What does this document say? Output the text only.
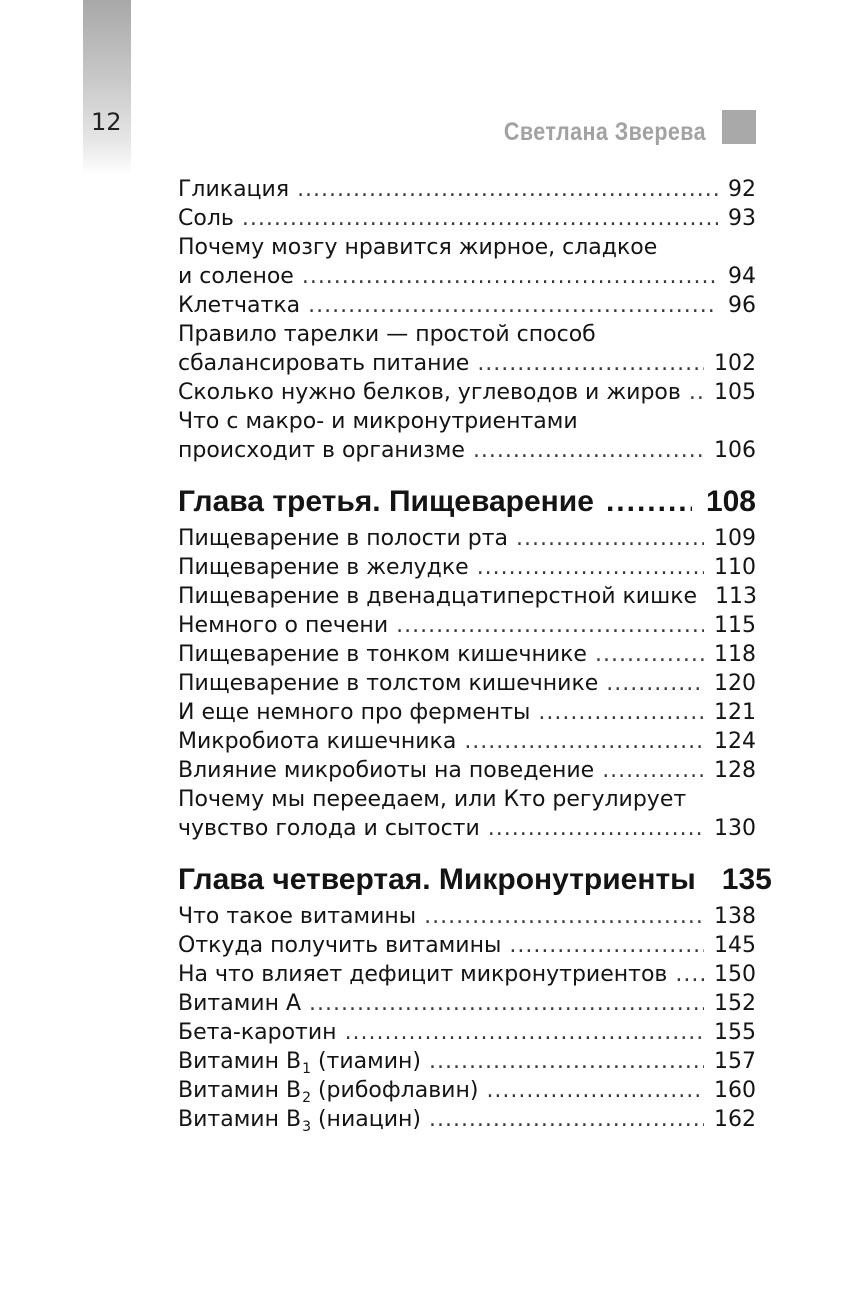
12	Светлана Зверева
Гликация .....	92
Соль .....	93
Почему мозгу нравится жирное, сладкое
и соленое .....	94
Клетчатка .....	96
Правило тарелки — простой способ
сбалансировать питание .....	102
Сколько нужно белков, углеводов и жиров ..... 105
Что с макро- и микронутриентами
происходит в организме .....	106
Глава третья. Пищеварение .....	108
Пищеварение в полости рта .....	109
Пищеварение в желудке .....	110
Пищеварение в двенадцатиперстной кишке 113
Немного о печени .....	115
Пищеварение в тонком кишечнике .....	118
Пищеварение в толстом кишечнике .....	120
И еще немного про ферменты .....	121
Микробиота кишечника .....	124
Влияние микробиоты на поведение .....	128
Почему мы переедаем, или Кто регулирует
чувство голода и сытости .....	130
Глава четвертая. Микронутриенты 135
Что такое витамины .....	138
Откуда получить витамины .....	145
На что влияет дефицит микронутриентов ..... 150
Витамин А .....	152
Бета-каротин .....	155
Витамин $B_1$ (тиамин) .....	157
Витамин $B_2$ (рибофлавин) .....	160
Витамин $B_3$ (ниацин) .....	162
